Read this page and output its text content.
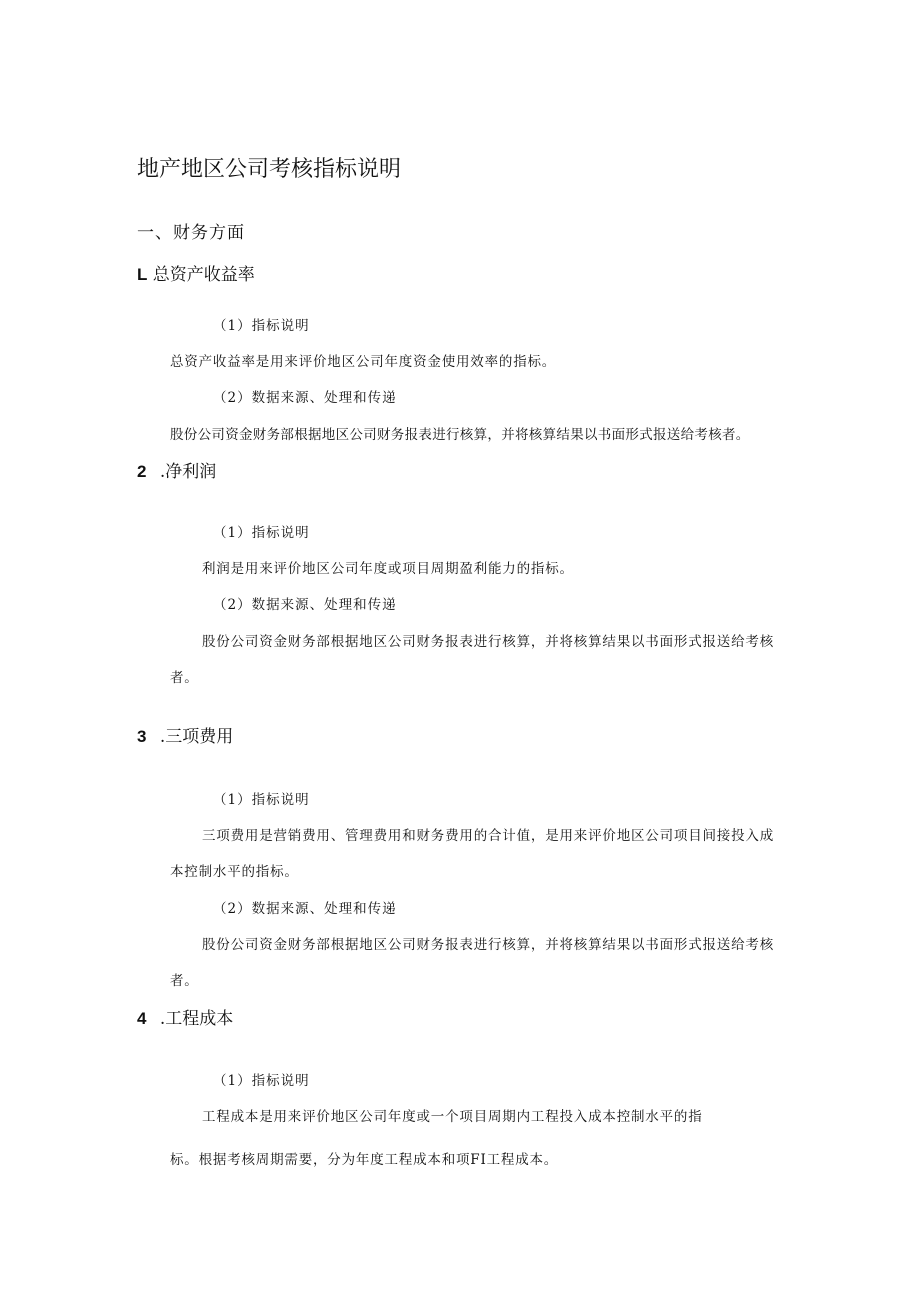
地产地区公司考核指标说明
一、财务方面
L 总资产收益率
（1）指标说明
总资产收益率是用来评价地区公司年度资金使用效率的指标。
（2）数据来源、处理和传递
股份公司资金财务部根据地区公司财务报表进行核算，并将核算结果以书面形式报送给考核者。
2 .净利润
（1）指标说明
利润是用来评价地区公司年度或项目周期盈利能力的指标。
（2）数据来源、处理和传递
股份公司资金财务部根据地区公司财务报表进行核算，并将核算结果以书面形式报送给考核
者。
3 .三项费用
（1）指标说明
三项费用是营销费用、管理费用和财务费用的合计值，是用来评价地区公司项目间接投入成
本控制水平的指标。
（2）数据来源、处理和传递
股份公司资金财务部根据地区公司财务报表进行核算，并将核算结果以书面形式报送给考核
者。
4 .工程成本
（1）指标说明
工程成本是用来评价地区公司年度或一个项目周期内工程投入成本控制水平的指
标。根据考核周期需要，分为年度工程成本和项FI工程成本。
